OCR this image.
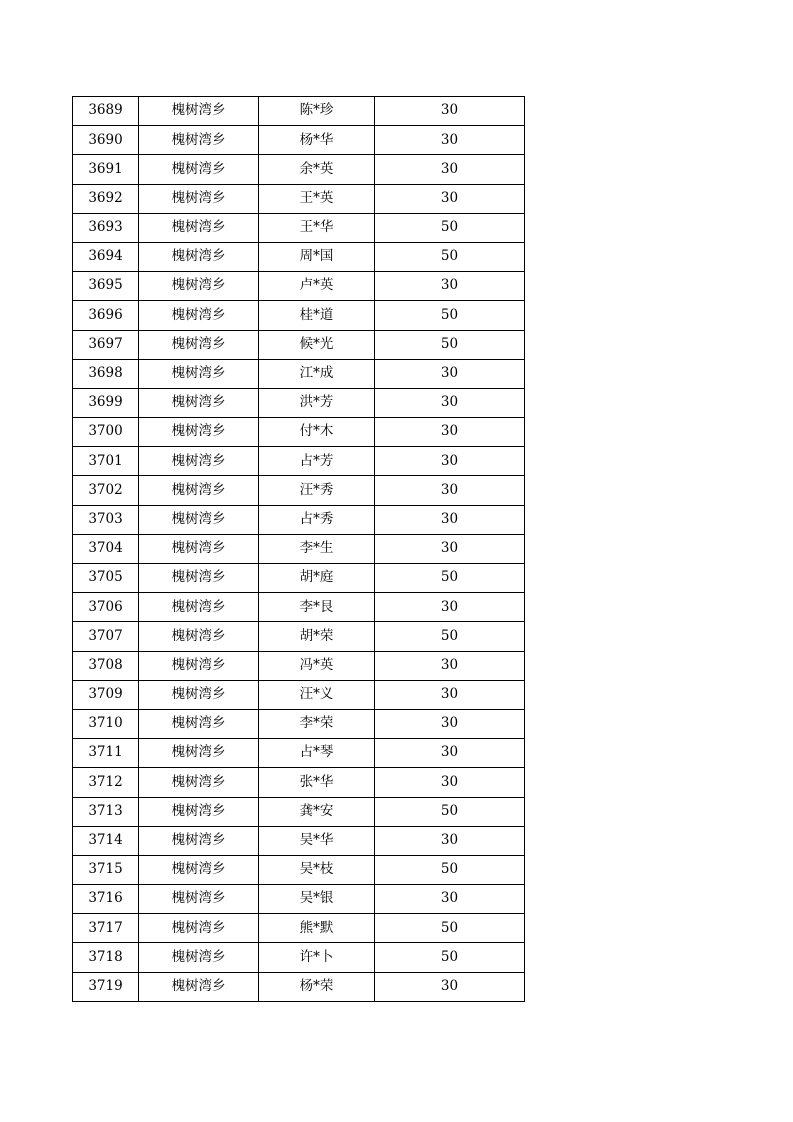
3689	槐树湾乡	陈*珍	30
3690	槐树湾乡	杨*华	30
3691	槐树湾乡	余*英	30
3692	槐树湾乡	王*英	30
3693	槐树湾乡	王*华	50
3694	槐树湾乡	周*国	50
3695	槐树湾乡	卢*英	30
3696	槐树湾乡	桂*道	50
3697	槐树湾乡	候*光	50
3698	槐树湾乡	江*成	30
3699	槐树湾乡	洪*芳	30
3700	槐树湾乡	付*木	30
3701	槐树湾乡	占*芳	30
3702	槐树湾乡	汪*秀	30
3703	槐树湾乡	占*秀	30
3704	槐树湾乡	李*生	30
3705	槐树湾乡	胡*庭	50
3706	槐树湾乡	李*艮	30
3707	槐树湾乡	胡*荣	50
3708	槐树湾乡	冯*英	30
3709	槐树湾乡	汪*义	30
3710	槐树湾乡	李*荣	30
3711	槐树湾乡	占*琴	30
3712	槐树湾乡	张*华	30
3713	槐树湾乡	龚*安	50
3714	槐树湾乡	吴*华	30
3715	槐树湾乡	吴*枝	50
3716	槐树湾乡	吴*银	30
3717	槐树湾乡	熊*默	50
3718	槐树湾乡	许*卜	50
3719	槐树湾乡	杨*荣	30
